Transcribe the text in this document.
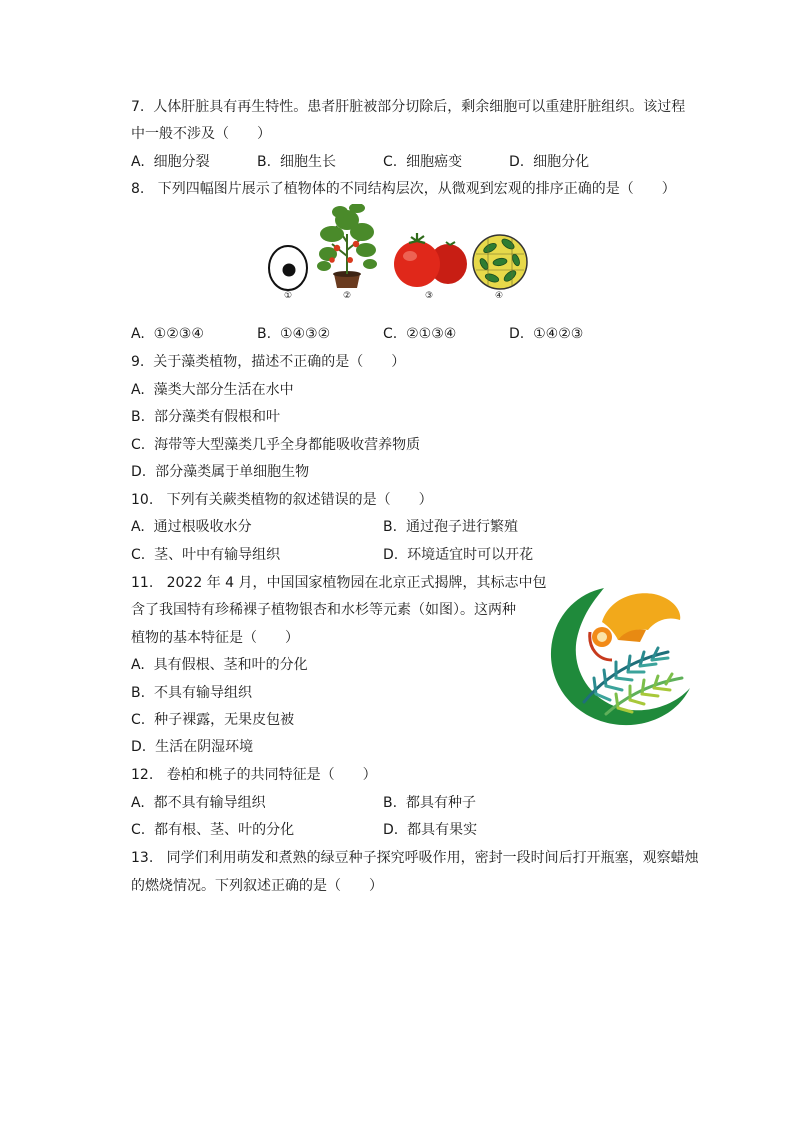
7.  人体肝脏具有再生特性。患者肝脏被部分切除后，剩余细胞可以重建肝脏组织。该过程
中一般不涉及（　　）
A.  细胞分裂	B.  细胞生长	C.  细胞癌变	D.  细胞分化
8.   下列四幅图片展示了植物体的不同结构层次，从微观到宏观的排序正确的是（　　）
①	②	③	④
A.  ①②③④	B.  ①④③②	C.  ②①③④	D.  ①④②③
9.  关于藻类植物，描述不正确的是（　　）
A.  藻类大部分生活在水中
B.  部分藻类有假根和叶
C.  海带等大型藻类几乎全身都能吸收营养物质
D.  部分藻类属于单细胞生物
10.   下列有关蕨类植物的叙述错误的是（　　）
A.  通过根吸收水分	B.  通过孢子进行繁殖
C.  茎、叶中有输导组织	D.  环境适宜时可以开花
11.   2022 年 4 月，中国国家植物园在北京正式揭牌，其标志中包
含了我国特有珍稀裸子植物银杏和水杉等元素（如图）。这两种
植物的基本特征是（　　）
A.  具有假根、茎和叶的分化
B.  不具有输导组织
C.  种子裸露，无果皮包被
D.  生活在阴湿环境
12.   卷柏和桃子的共同特征是（　　）
A.  都不具有输导组织	B.  都具有种子
C.  都有根、茎、叶的分化	D.  都具有果实
13.   同学们利用萌发和煮熟的绿豆种子探究呼吸作用，密封一段时间后打开瓶塞，观察蜡烛
的燃烧情况。下列叙述正确的是（　　）
